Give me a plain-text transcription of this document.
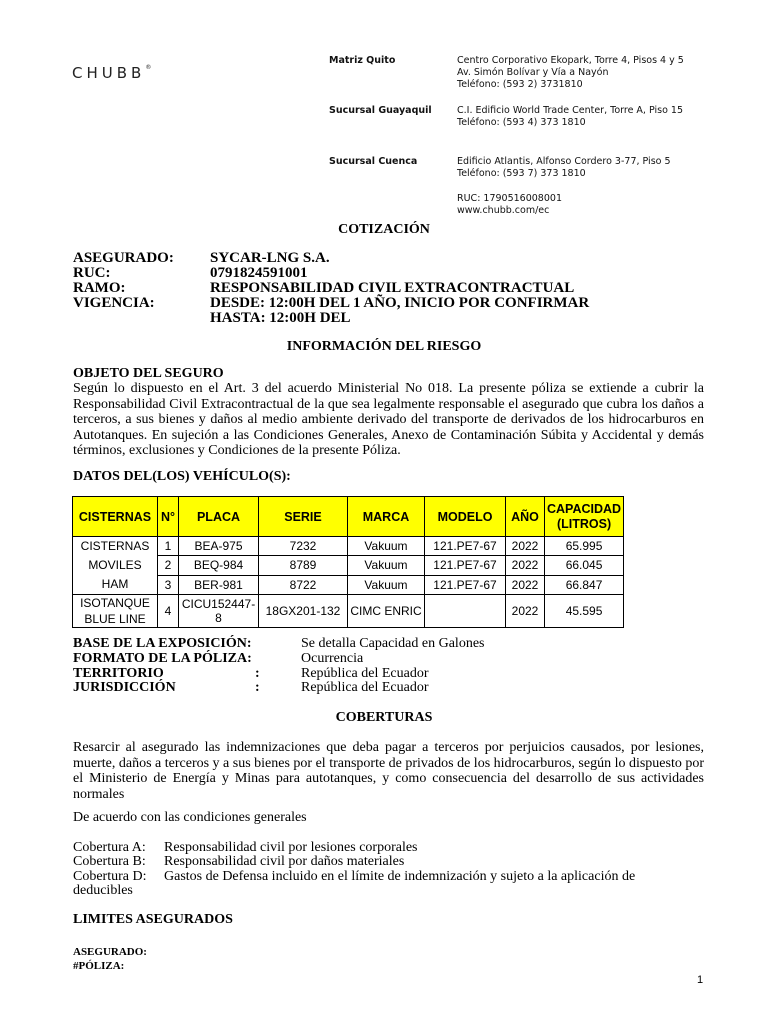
CHUBB®
Matriz Quito	Centro Corporativo Ekopark, Torre 4, Pisos 4 y 5
Av. Simón Bolívar y Vía a Nayón
Teléfono: (593 2) 3731810
Sucursal Guayaquil	C.I. Edificio World Trade Center, Torre A, Piso 15
Teléfono: (593 4) 373 1810
Sucursal Cuenca	Edificio Atlantis, Alfonso Cordero 3-77, Piso 5
Teléfono: (593 7) 373 1810
RUC: 1790516008001
www.chubb.com/ec
COTIZACIÓN
ASEGURADO: SYCAR-LNG S.A.
RUC:	0791824591001
RAMO:	RESPONSABILIDAD CIVIL EXTRACONTRACTUAL
VIGENCIA:	DESDE: 12:00H DEL 1 AÑO, INICIO POR CONFIRMAR
HASTA: 12:00H DEL
INFORMACIÓN DEL RIESGO
OBJETO DEL SEGURO
Según lo dispuesto en el Art. 3 del acuerdo Ministerial No 018. La presente póliza se extiende a cubrir la Responsabilidad Civil Extracontractual de la que sea legalmente responsable el asegurado que cubra los daños a terceros, a sus bienes y daños al medio ambiente derivado del transporte de derivados de los hidrocarburos en Autotanques. En sujeción a las Condiciones Generales, Anexo de Contaminación Súbita y Accidental y demás términos, exclusiones y Condiciones de la presente Póliza.
DATOS DEL(LOS) VEHÍCULO(S):
CISTERNAS	N°	PLACA	SERIE	MARCA	MODELO	AÑO	CAPACIDAD
(LITROS)

CISTERNAS
MOVILES
HAM	1	BEA-975	7232	Vakuum	121.PE7-67	2022	65.995
	2	BEQ-984	8789	Vakuum	121.PE7-67	2022	66.045
	3	BER-981	8722	Vakuum	121.PE7-67	2022	66.847

ISOTANQUE
BLUE LINE	4	CICU152447-8	18GX201-132	CIMC ENRIC		2022	45.595
BASE DE LA EXPOSICIÓN:	Se detalla Capacidad en Galones
FORMATO DE LA PÓLIZA:	Ocurrencia
TERRITORIO	:	República del Ecuador
JURISDICCIÓN	:	República del Ecuador
COBERTURAS
Resarcir al asegurado las indemnizaciones que deba pagar a terceros por perjuicios causados, por lesiones, muerte, daños a terceros y a sus bienes por el transporte de privados de los hidrocarburos, según lo dispuesto por el Ministerio de Energía y Minas para autotanques, y como consecuencia del desarrollo de sus actividades normales
De acuerdo con las condiciones generales
Cobertura A: Responsabilidad civil por lesiones corporales
Cobertura B: Responsabilidad civil por daños materiales
Cobertura D: Gastos de Defensa incluido en el límite de indemnización y sujeto a la aplicación de
deducibles
LIMITES ASEGURADOS
ASEGURADO:
#PÓLIZA:
1
